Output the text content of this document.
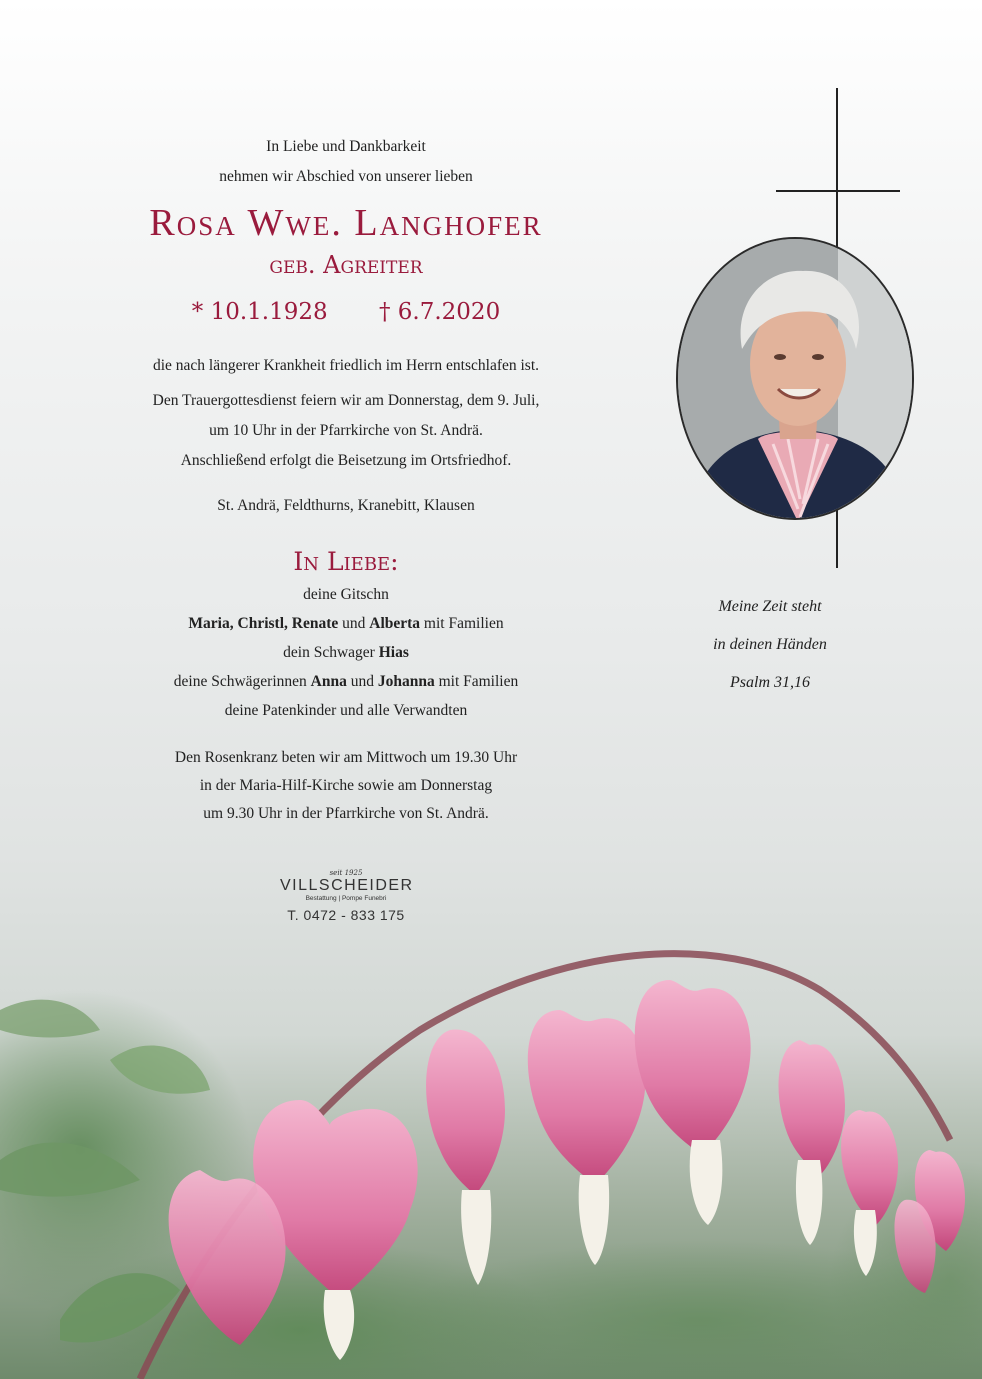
In Liebe und Dankbarkeit

nehmen wir Abschied von unserer lieben

Rosa Wwe. Langhofer
geb. Agreiter
* 10.1.1928 † 6.7.2020

die nach längerer Krankheit friedlich im Herrn entschlafen ist.

Den Trauergottesdienst feiern wir am Donnerstag, dem 9. Juli,

um 10 Uhr in der Pfarrkirche von St. Andrä.

Anschließend erfolgt die Beisetzung im Ortsfriedhof.

St. Andrä, Feldthurns, Kranebitt, Klausen

In Liebe:

deine Gitschn

Maria, Christl, Renate und Alberta mit Familien

dein Schwager Hias

deine Schwägerinnen Anna und Johanna mit Familien

deine Patenkinder und alle Verwandten

Den Rosenkranz beten wir am Mittwoch um 19.30 Uhr

in der Maria-Hilf-Kirche sowie am Donnerstag

um 9.30 Uhr in der Pfarrkirche von St. Andrä.

seit 1925
VILLSCHEIDER
Bestattung | Pompe Funebri
T. 0472 - 833 175

Meine Zeit steht

in deinen Händen

Psalm 31,16
